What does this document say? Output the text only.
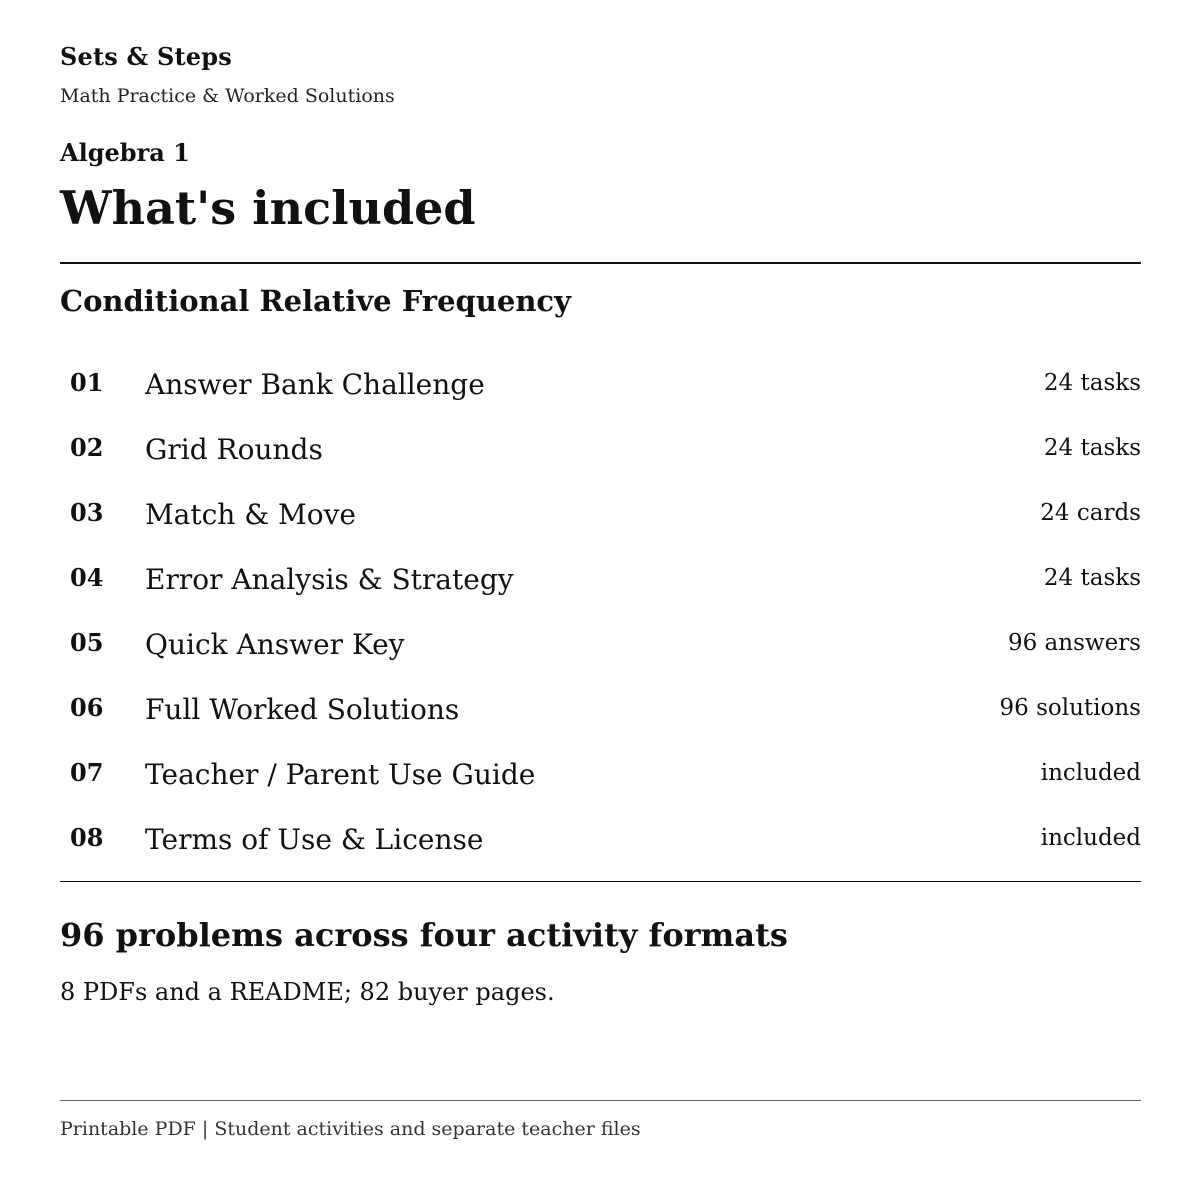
Sets & Steps
Math Practice & Worked Solutions
Algebra 1
What's included
Conditional Relative Frequency
01 Answer Bank Challenge	24 tasks
02 Grid Rounds	24 tasks
03 Match & Move	24 cards
04 Error Analysis & Strategy	24 tasks
05 Quick Answer Key	96 answers
06 Full Worked Solutions	96 solutions
07 Teacher / Parent Use Guide	included
08 Terms of Use & License	included
96 problems across four activity formats
8 PDFs and a README; 82 buyer pages.
Printable PDF | Student activities and separate teacher files
